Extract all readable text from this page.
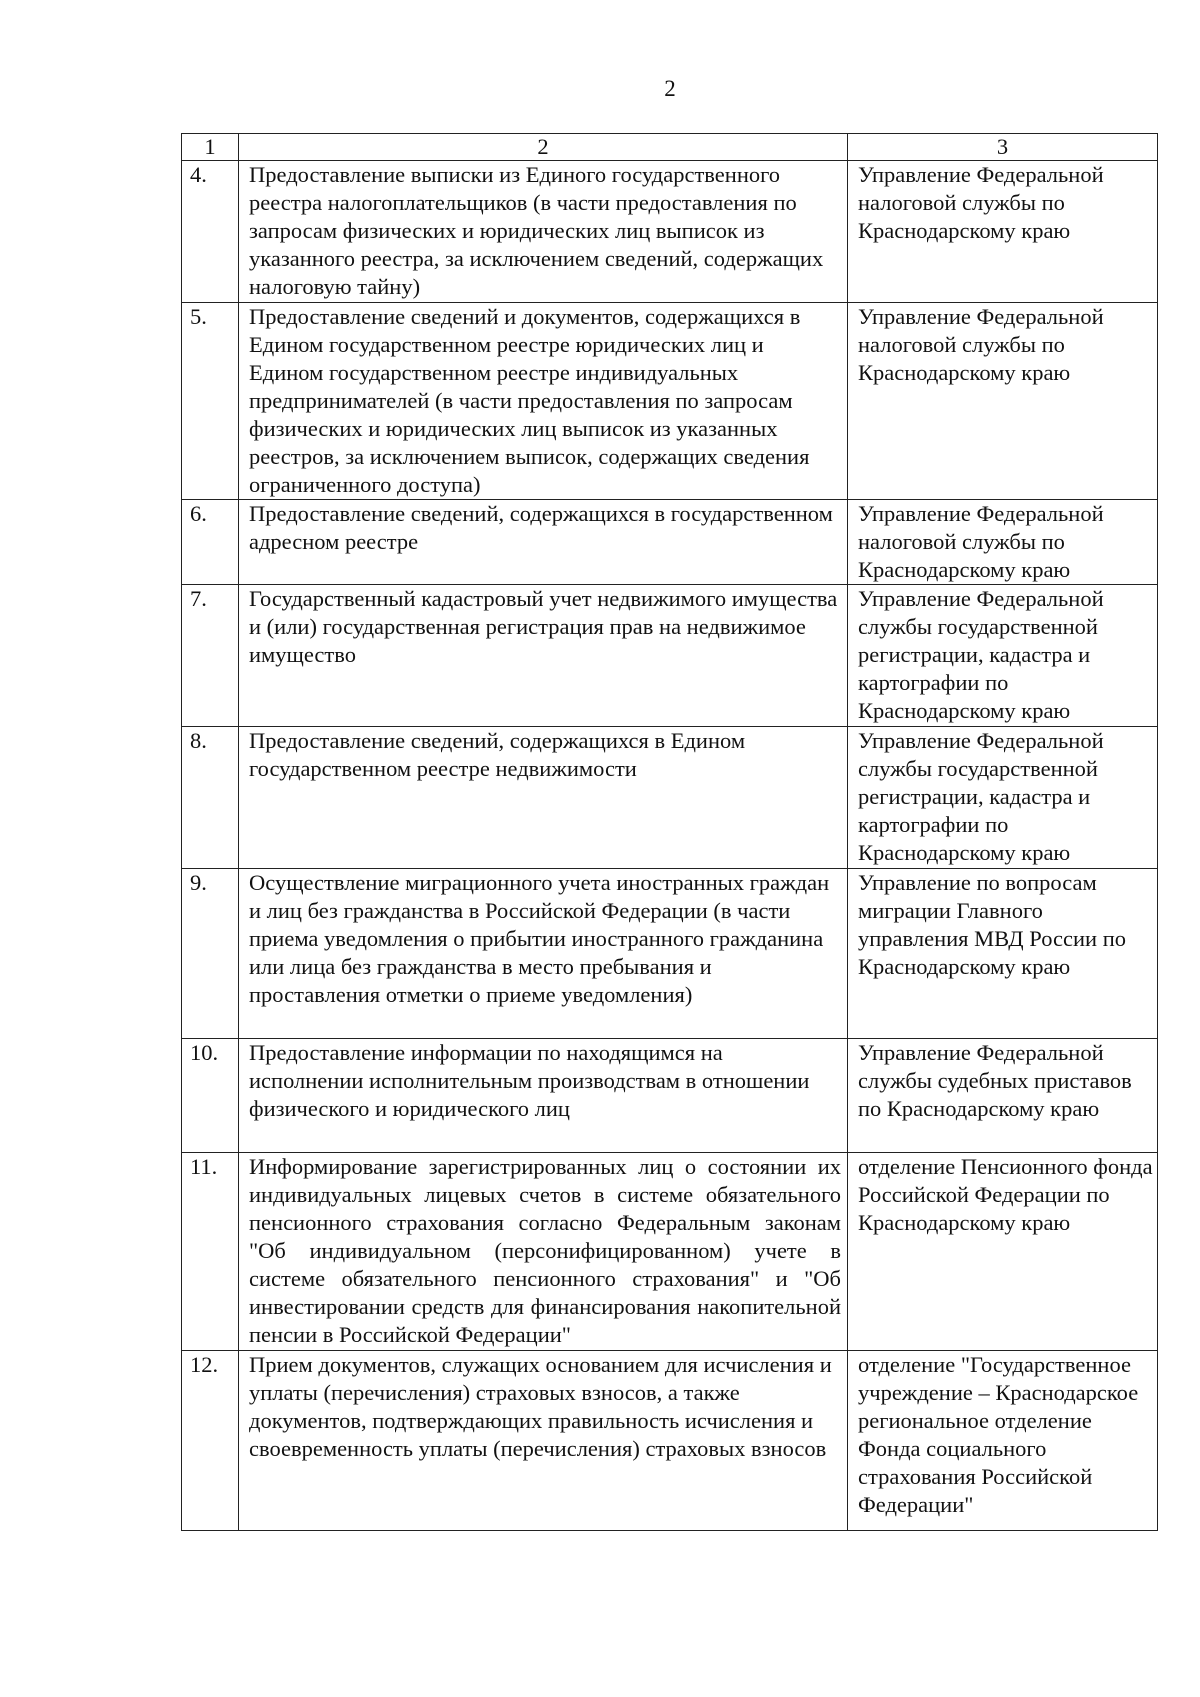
2
1	2	3
4.	Предоставление выписки из Единого государственного реестра налогоплательщиков (в части предоставления по запросам физических и юридических лиц выписок из указанного реестра, за исключением сведений, содержащих налоговую тайну)	Управление Федеральной налоговой службы по Краснодарскому краю
5.	Предоставление сведений и документов, содержащихся в Едином государственном реестре юридических лиц и Едином государственном реестре индивидуальных предпринимателей (в части предоставления по запросам физических и юридических лиц выписок из указанных реестров, за исключением выписок, содержащих сведения ограниченного доступа)	Управление Федеральной налоговой службы по Краснодарскому краю
6.	Предоставление сведений, содержащихся в государственном адресном реестре	Управление Федеральной налоговой службы по Краснодарскому краю
7.	Государственный кадастровый учет недвижимого имущества и (или) государственная регистрация прав на недвижимое имущество	Управление Федеральной службы государственной регистрации, кадастра и картографии по Краснодарскому краю
8.	Предоставление сведений, содержащихся в Едином государственном реестре недвижимости	Управление Федеральной службы государственной регистрации, кадастра и картографии по Краснодарскому краю
9.	Осуществление миграционного учета иностранных граждан и лиц без гражданства в Российской Федерации (в части приема уведомления о прибытии иностранного гражданина или лица без гражданства в место пребывания и проставления отметки о приеме уведомления)	Управление по вопросам миграции Главного управления МВД России по Краснодарскому краю
10.	Предоставление информации по находящимся на исполнении исполнительным производствам в отношении физического и юридического лиц	Управление Федеральной службы судебных приставов по Краснодарскому краю
11.	Информирование зарегистрированных лиц о состоянии их индивидуальных лицевых счетов в системе обязательного пенсионного страхования согласно Федеральным законам "Об индивидуальном (персонифицированном) учете в системе обязательного пенсионного страхования" и "Об инвестировании средств для финансирования накопительной пенсии в Российской Федерации"	отделение Пенсионного фонда Российской Федерации по Краснодарскому краю
12.	Прием документов, служащих основанием для исчисления и уплаты (перечисления) страховых взносов, а также документов, подтверждающих правильность исчисления и своевременность уплаты (перечисления) страховых взносов	отделение "Государственное учреждение – Краснодарское региональное отделение Фонда социального страхования Российской Федерации"
